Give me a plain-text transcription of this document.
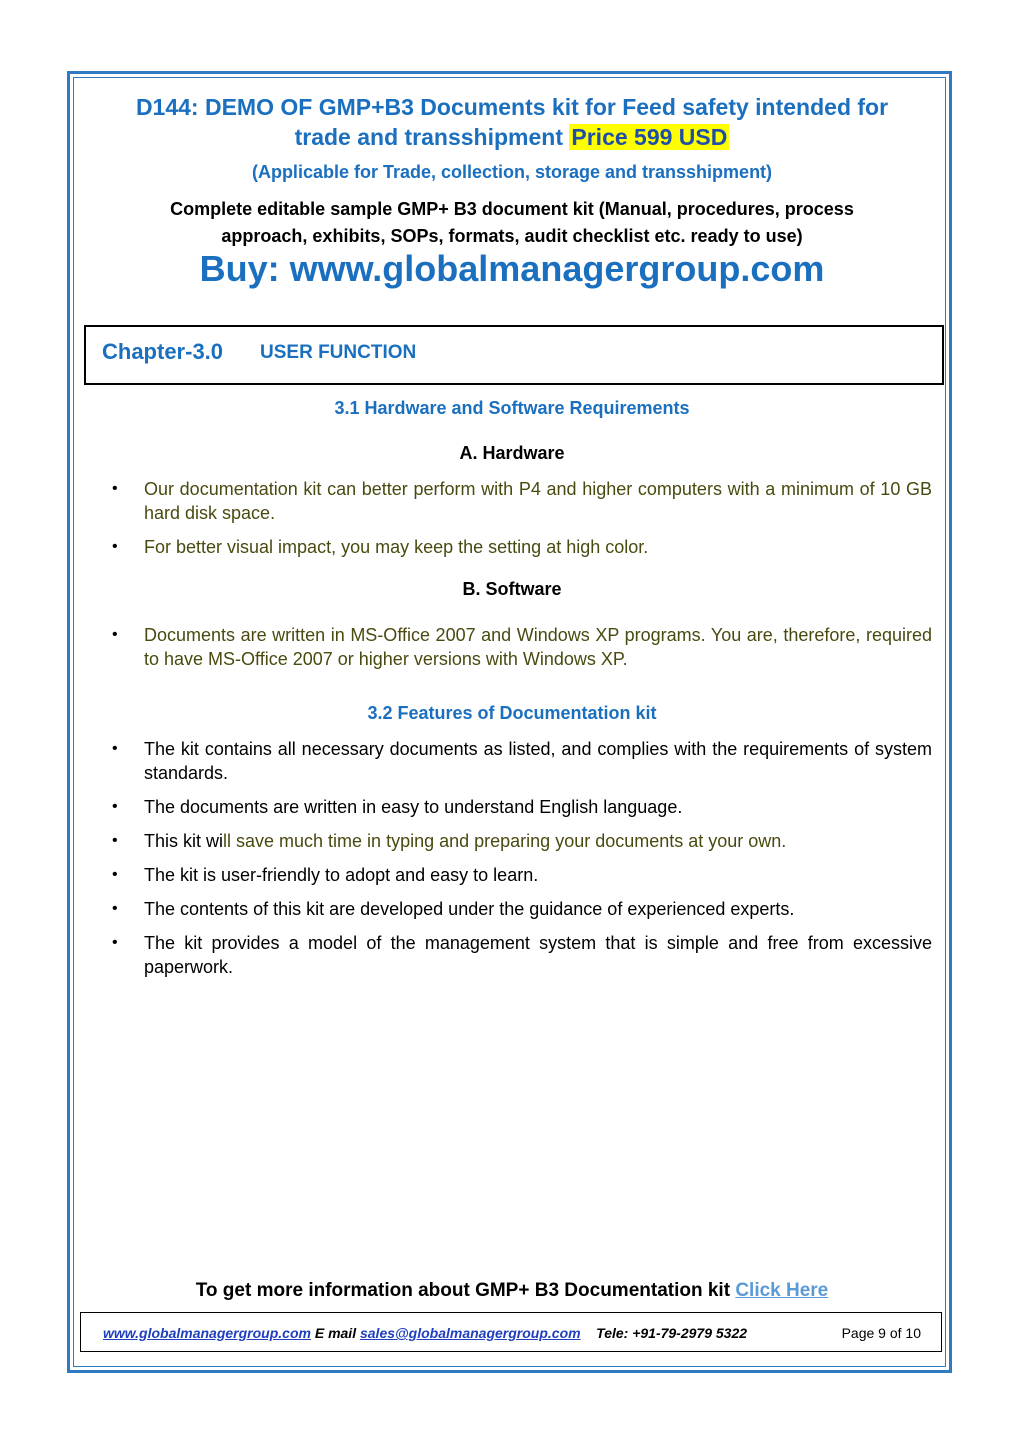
D144: DEMO OF GMP+B3 Documents kit for Feed safety intended for
trade and transshipment Price 599 USD
(Applicable for Trade, collection, storage and transshipment)
Complete editable sample GMP+ B3 document kit (Manual, procedures, process
approach, exhibits, SOPs, formats, audit checklist etc. ready to use)
Buy: www.globalmanagergroup.com
Chapter-3.0 USER FUNCTION
3.1 Hardware and Software Requirements
A. Hardware
• Our documentation kit can better perform with P4 and higher computers with a minimum of 10 GB hard disk space.
• For better visual impact, you may keep the setting at high color.
B. Software
• Documents are written in MS-Office 2007 and Windows XP programs. You are, therefore, required to have MS-Office 2007 or higher versions with Windows XP.
3.2 Features of Documentation kit
• The kit contains all necessary documents as listed, and complies with the requirements of system standards.
• The documents are written in easy to understand English language.
• This kit will save much time in typing and preparing your documents at your own.
• The kit is user-friendly to adopt and easy to learn.
• The contents of this kit are developed under the guidance of experienced experts.
• The kit provides a model of the management system that is simple and free from excessive paperwork.
To get more information about GMP+ B3 Documentation kit Click Here
www.globalmanagergroup.com E mail sales@globalmanagergroup.com Tele: +91-79-2979 5322	Page 9 of 10
